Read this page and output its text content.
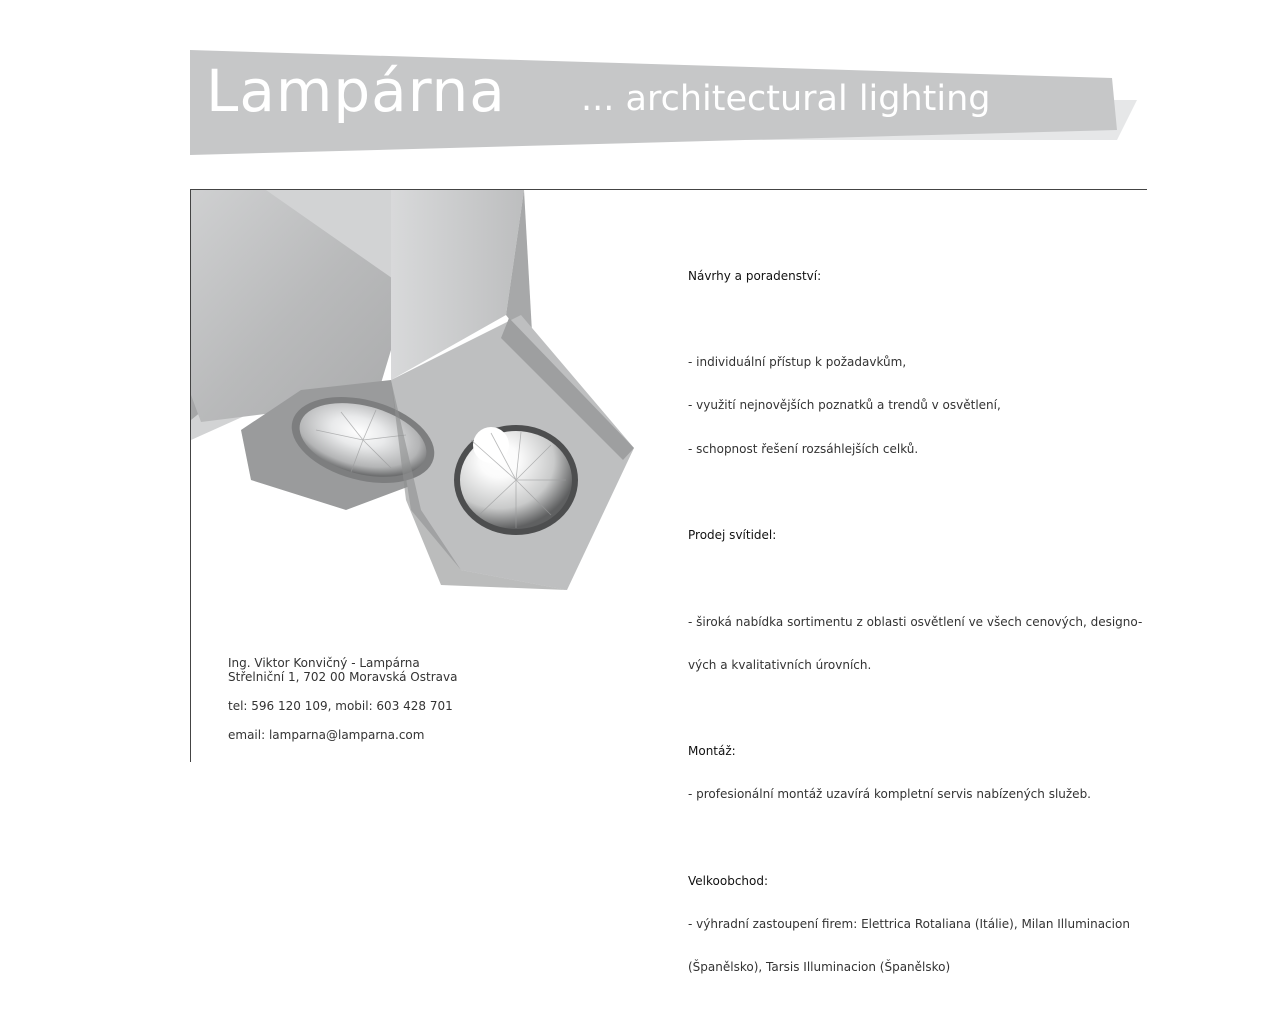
Lampárna ... architectural lighting

Návrhy a poradenství:

- individuální přístup k požadavkům,

- využití nejnovějších poznatků a trendů v osvětlení,

- schopnost řešení rozsáhlejších celků.

Prodej svítidel:

- široká nabídka sortimentu z oblasti osvětlení ve všech cenových, designo-

vých a kvalitativních úrovních.

Montáž:

- profesionální montáž uzavírá kompletní servis nabízených služeb.

Velkoobchod:

- výhradní zastoupení firem: Elettrica Rotaliana (Itálie), Milan Illuminacion

(Španělsko), Tarsis Illuminacion (Španělsko)

Ing. Viktor Konvičný - Lampárna
Střelniční 1, 702 00 Moravská Ostrava
tel: 596 120 109, mobil: 603 428 701
email: lamparna@lamparna.com
